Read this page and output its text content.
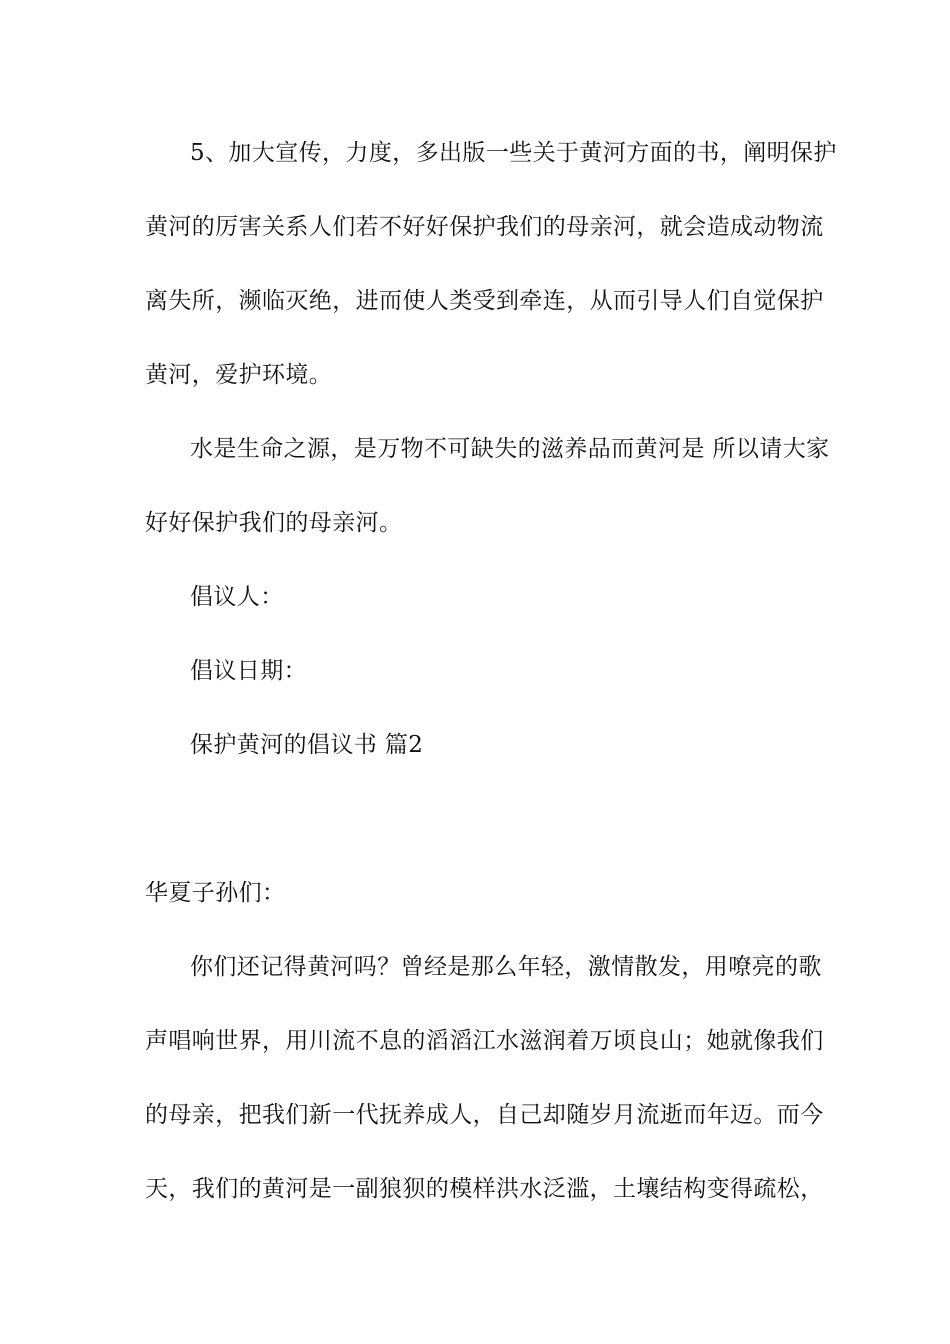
5、加大宣传，力度，多出版一些关于黄河方面的书，阐明保护
黄河的厉害关系人们若不好好保护我们的母亲河，就会造成动物流
离失所，濒临灭绝，进而使人类受到牵连，从而引导人们自觉保护
黄河，爱护环境。
水是生命之源，是万物不可缺失的滋养品而黄河是 所以请大家
好好保护我们的母亲河。
倡议人：
倡议日期：
保护黄河的倡议书 篇2
华夏子孙们：
你们还记得黄河吗？曾经是那么年轻，激情散发，用嘹亮的歌
声唱响世界，用川流不息的滔滔江水滋润着万顷良山；她就像我们
的母亲，把我们新一代抚养成人，自己却随岁月流逝而年迈。而今
天，我们的黄河是一副狼狈的模样洪水泛滥，土壤结构变得疏松，
